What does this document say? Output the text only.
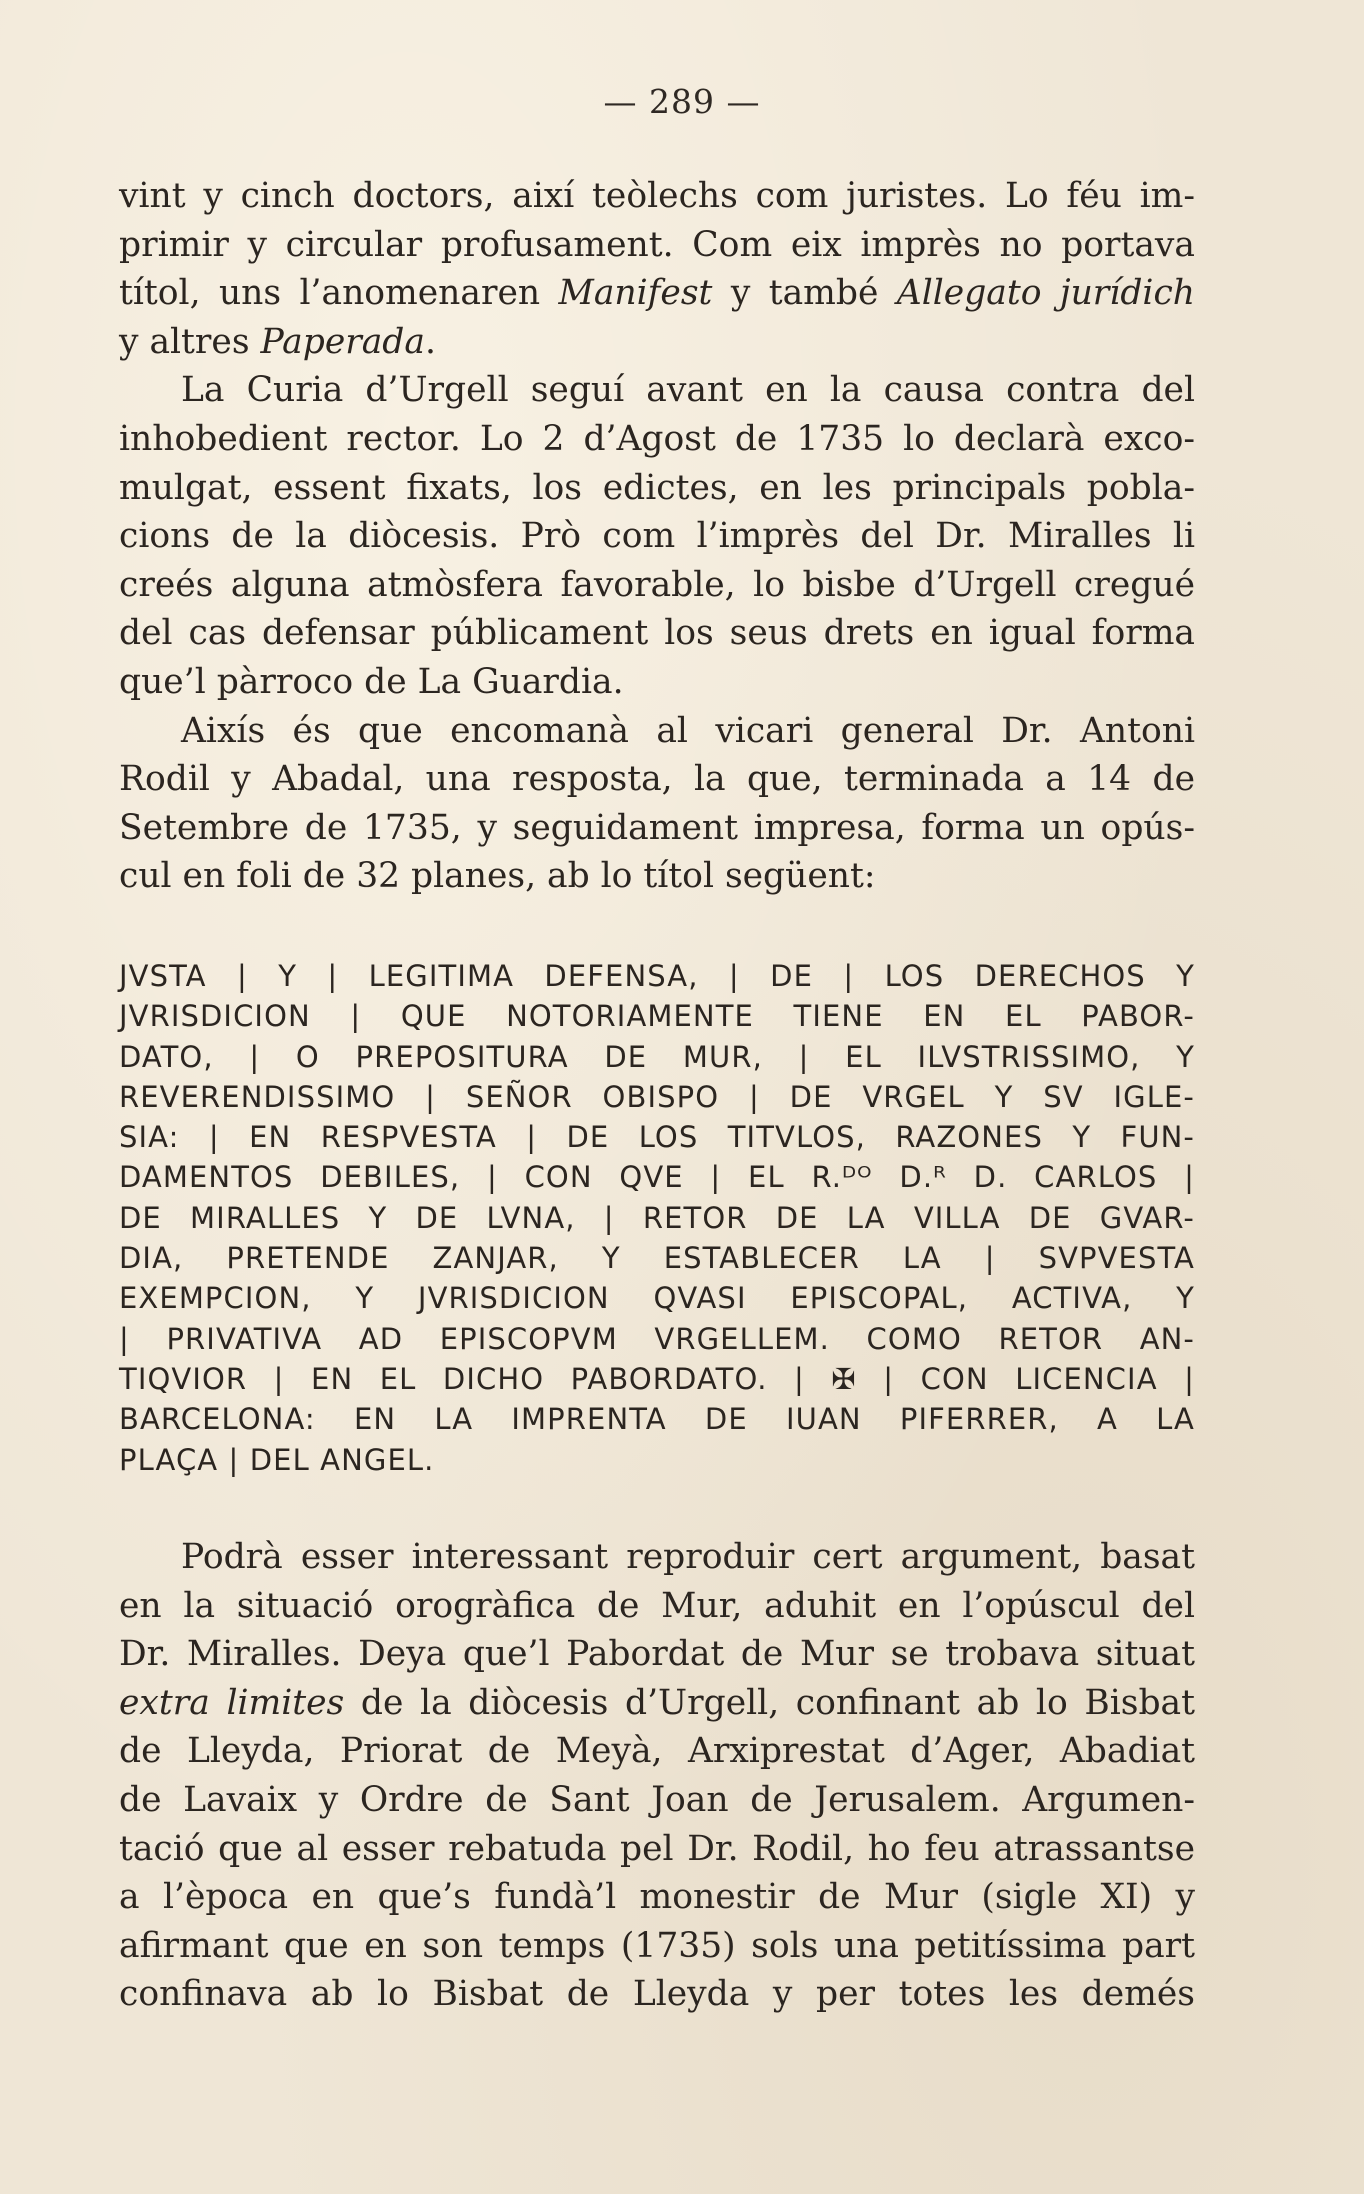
— 289 —
vint y cinch doctors, així teòlechs com juristes. Lo féu im-
primir y circular profusament. Com eix imprès no portava
títol, uns l’anomenaren Manifest y també Allegato jurídich
y altres Paperada.
La Curia d’Urgell seguí avant en la causa contra del
inhobedient rector. Lo 2 d’Agost de 1735 lo declarà exco-
mulgat, essent fixats, los edictes, en les principals pobla-
cions de la diòcesis. Prò com l’imprès del Dr. Miralles li
creés alguna atmòsfera favorable, lo bisbe d’Urgell cregué
del cas defensar públicament los seus drets en igual forma
que’l pàrroco de La Guardia.
Aixís és que encomanà al vicari general Dr. Antoni
Rodil y Abadal, una resposta, la que, terminada a 14 de
Setembre de 1735, y seguidament impresa, forma un opús-
cul en foli de 32 planes, ab lo títol següent:
JVSTA | Y | LEGITIMA DEFENSA, | DE | LOS DERECHOS Y
JVRISDICION | QUE NOTORIAMENTE TIENE EN EL PABOR-
DATO, | O PREPOSITURA DE MUR, | EL ILVSTRISSIMO, Y
REVERENDISSIMO | SEÑOR OBISPO | DE VRGEL Y SV IGLE-
SIA: | EN RESPVESTA | DE LOS TITVLOS, RAZONES Y FUN-
DAMENTOS DEBILES, | CON QVE | EL R.ᴰᴼ D.ᴿ D. CARLOS |
DE MIRALLES Y DE LVNA, | RETOR DE LA VILLA DE GVAR-
DIA, PRETENDE ZANJAR, Y ESTABLECER LA | SVPVESTA
EXEMPCION, Y JVRISDICION QVASI EPISCOPAL, ACTIVA, Y
| PRIVATIVA AD EPISCOPVM VRGELLEM. COMO RETOR AN-
TIQVIOR | EN EL DICHO PABORDATO. | ✠ | CON LICENCIA |
BARCELONA: EN LA IMPRENTA DE IUAN PIFERRER, A LA
PLAÇA | DEL ANGEL.
Podrà esser interessant reproduir cert argument, basat
en la situació orogràfica de Mur, aduhit en l’opúscul del
Dr. Miralles. Deya que’l Pabordat de Mur se trobava situat
extra limites de la diòcesis d’Urgell, confinant ab lo Bisbat
de Lleyda, Priorat de Meyà, Arxiprestat d’Ager, Abadiat
de Lavaix y Ordre de Sant Joan de Jerusalem. Argumen-
tació que al esser rebatuda pel Dr. Rodil, ho feu atrassantse
a l’època en que’s fundà’l monestir de Mur (sigle XI) y
afirmant que en son temps (1735) sols una petitíssima part
confinava ab lo Bisbat de Lleyda y per totes les demés
